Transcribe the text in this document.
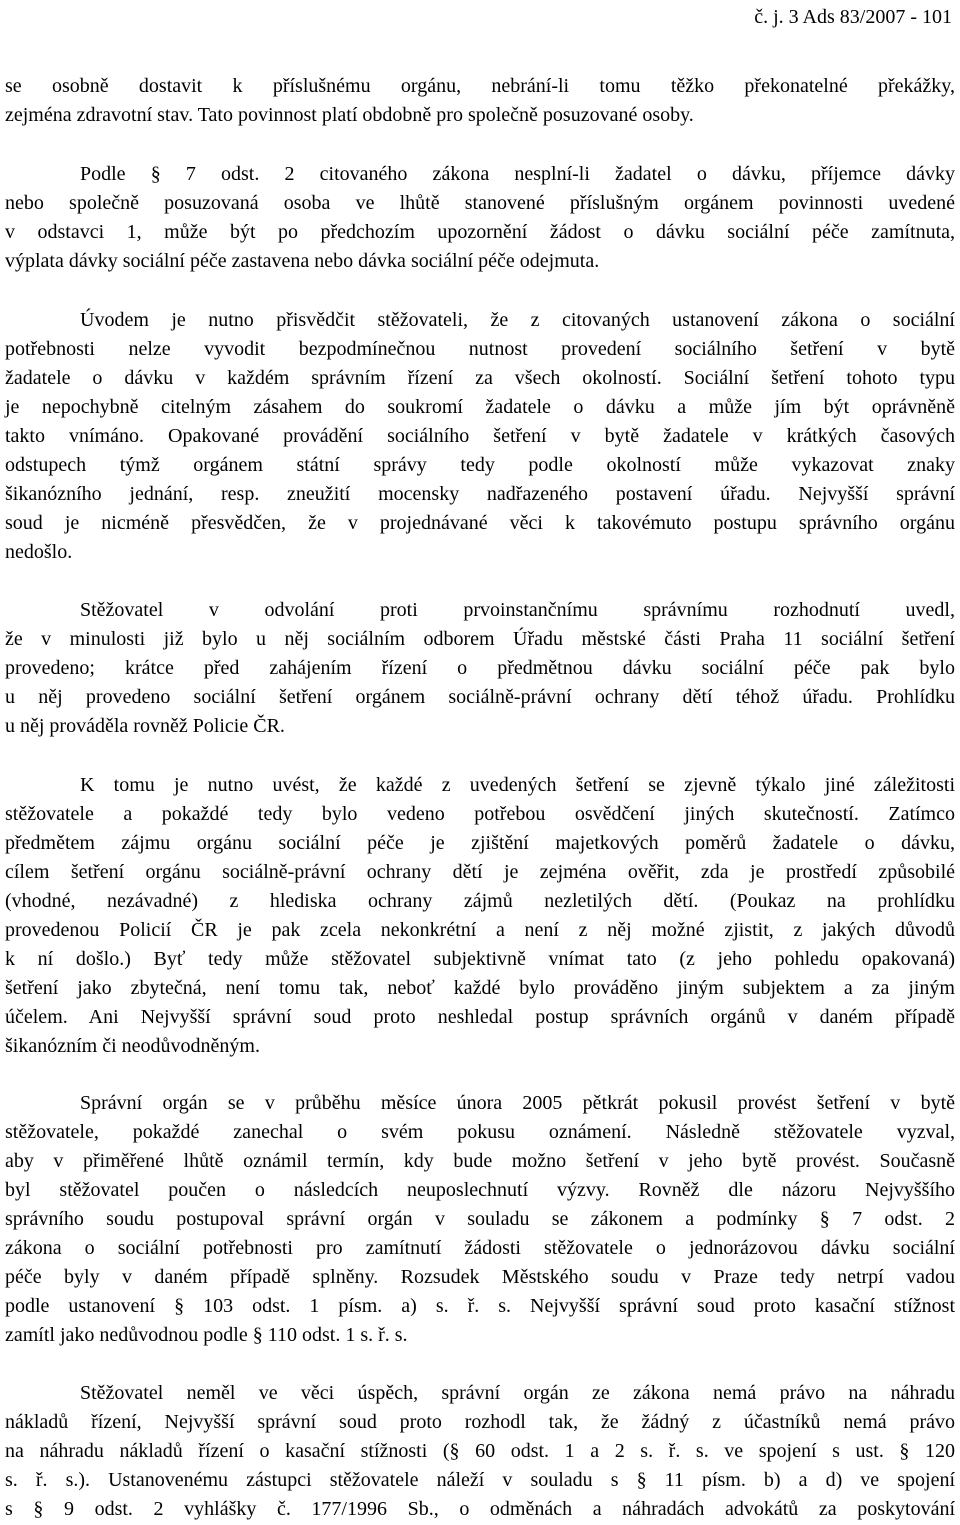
č. j. 3 Ads 83/2007 - 101
se osobně dostavit k příslušnému orgánu, nebrání-li tomu těžko překonatelné překážky,
zejména zdravotní stav. Tato povinnost platí obdobně pro společně posuzované osoby.
Podle § 7 odst. 2 citovaného zákona nesplní-li žadatel o dávku, příjemce dávky
nebo společně posuzovaná osoba ve lhůtě stanovené příslušným orgánem povinnosti uvedené
v odstavci 1, může být po předchozím upozornění žádost o dávku sociální péče zamítnuta,
výplata dávky sociální péče zastavena nebo dávka sociální péče odejmuta.
Úvodem je nutno přisvědčit stěžovateli, že z citovaných ustanovení zákona o sociální
potřebnosti nelze vyvodit bezpodmínečnou nutnost provedení sociálního šetření v bytě
žadatele o dávku v každém správním řízení za všech okolností. Sociální šetření tohoto typu
je nepochybně citelným zásahem do soukromí žadatele o dávku a může jím být oprávněně
takto vnímáno. Opakované provádění sociálního šetření v bytě žadatele v krátkých časových
odstupech týmž orgánem státní správy tedy podle okolností může vykazovat znaky
šikanózního jednání, resp. zneužití mocensky nadřazeného postavení úřadu. Nejvyšší správní
soud je nicméně přesvědčen, že v projednávané věci k takovémuto postupu správního orgánu
nedošlo.
Stěžovatel v odvolání proti prvoinstančnímu správnímu rozhodnutí uvedl,
že v minulosti již bylo u něj sociálním odborem Úřadu městské části Praha 11 sociální šetření
provedeno; krátce před zahájením řízení o předmětnou dávku sociální péče pak bylo
u něj provedeno sociální šetření orgánem sociálně-právní ochrany dětí téhož úřadu. Prohlídku
u něj prováděla rovněž Policie ČR.
K tomu je nutno uvést, že každé z uvedených šetření se zjevně týkalo jiné záležitosti
stěžovatele a pokaždé tedy bylo vedeno potřebou osvědčení jiných skutečností. Zatímco
předmětem zájmu orgánu sociální péče je zjištění majetkových poměrů žadatele o dávku,
cílem šetření orgánu sociálně-právní ochrany dětí je zejména ověřit, zda je prostředí způsobilé
(vhodné, nezávadné) z hlediska ochrany zájmů nezletilých dětí. (Poukaz na prohlídku
provedenou Policií ČR je pak zcela nekonkrétní a není z něj možné zjistit, z jakých důvodů
k ní došlo.) Byť tedy může stěžovatel subjektivně vnímat tato (z jeho pohledu opakovaná)
šetření jako zbytečná, není tomu tak, neboť každé bylo prováděno jiným subjektem a za jiným
účelem. Ani Nejvyšší správní soud proto neshledal postup správních orgánů v daném případě
šikanózním či neodůvodněným.
Správní orgán se v průběhu měsíce února 2005 pětkrát pokusil provést šetření v bytě
stěžovatele, pokaždé zanechal o svém pokusu oznámení. Následně stěžovatele vyzval,
aby v přiměřené lhůtě oznámil termín, kdy bude možno šetření v jeho bytě provést. Současně
byl stěžovatel poučen o následcích neuposlechnutí výzvy. Rovněž dle názoru Nejvyššího
správního soudu postupoval správní orgán v souladu se zákonem a podmínky § 7 odst. 2
zákona o sociální potřebnosti pro zamítnutí žádosti stěžovatele o jednorázovou dávku sociální
péče byly v daném případě splněny. Rozsudek Městského soudu v Praze tedy netrpí vadou
podle ustanovení § 103 odst. 1 písm. a) s. ř. s. Nejvyšší správní soud proto kasační stížnost
zamítl jako nedůvodnou podle § 110 odst. 1 s. ř. s.
Stěžovatel neměl ve věci úspěch, správní orgán ze zákona nemá právo na náhradu
nákladů řízení, Nejvyšší správní soud proto rozhodl tak, že žádný z účastníků nemá právo
na náhradu nákladů řízení o kasační stížnosti (§ 60 odst. 1 a 2 s. ř. s. ve spojení s ust. § 120
s. ř. s.). Ustanovenému zástupci stěžovatele náleží v souladu s § 11 písm. b) a d) ve spojení
s § 9 odst. 2 vyhlášky č. 177/1996 Sb., o odměnách a náhradách advokátů za poskytování
